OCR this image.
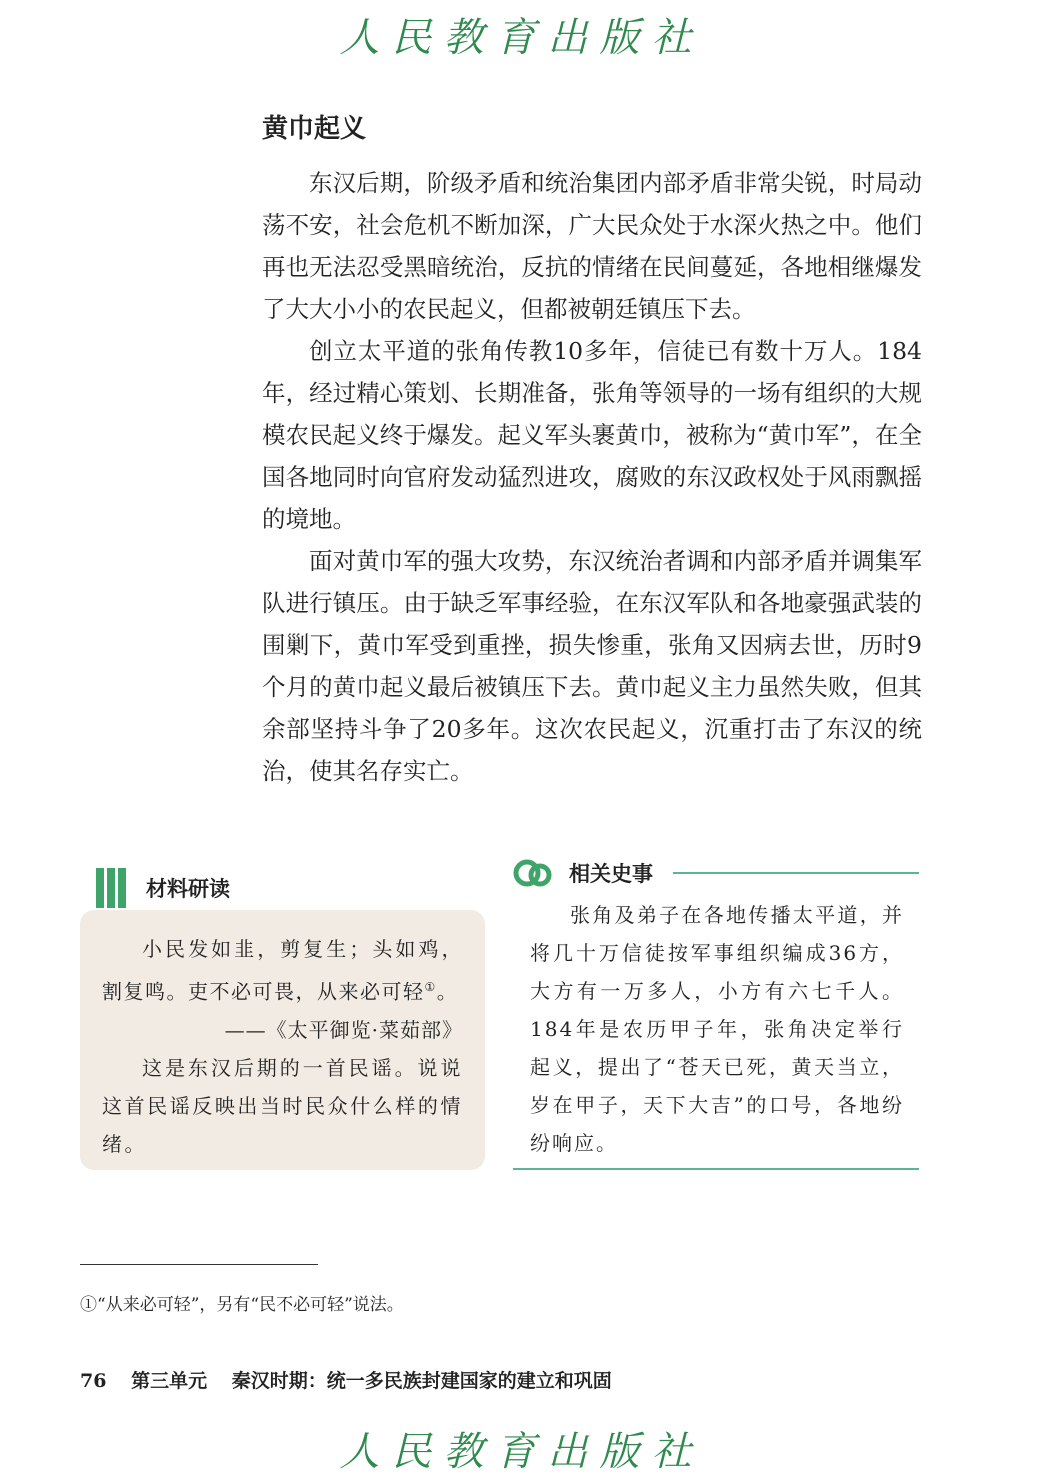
人民教育出版社
黄巾起义

东汉后期，阶级矛盾和统治集团内部矛盾非常尖锐，时局动荡不安，社会危机不断加深，广大民众处于水深火热之中。他们再也无法忍受黑暗统治，反抗的情绪在民间蔓延，各地相继爆发了大大小小的农民起义，但都被朝廷镇压下去。

创立太平道的张角传教10多年，信徒已有数十万人。184年，经过精心策划、长期准备，张角等领导的一场有组织的大规模农民起义终于爆发。起义军头裹黄巾，被称为“黄巾军”，在全国各地同时向官府发动猛烈进攻，腐败的东汉政权处于风雨飘摇的境地。

面对黄巾军的强大攻势，东汉统治者调和内部矛盾并调集军队进行镇压。由于缺乏军事经验，在东汉军队和各地豪强武装的围剿下，黄巾军受到重挫，损失惨重，张角又因病去世，历时9个月的黄巾起义最后被镇压下去。黄巾起义主力虽然失败，但其余部坚持斗争了20多年。这次农民起义，沉重打击了东汉的统治，使其名存实亡。

材料研读

小民发如韭，剪复生；头如鸡，割复鸣。吏不必可畏，从来必可轻①。

——《太平御览·菜茹部》

这是东汉后期的一首民谣。说说这首民谣反映出当时民众什么样的情绪。

相关史事

张角及弟子在各地传播太平道，并将几十万信徒按军事组织编成36方，大方有一万多人，小方有六七千人。184年是农历甲子年，张角决定举行起义，提出了“苍天已死，黄天当立，岁在甲子，天下大吉”的口号，各地纷纷响应。

①“从来必可轻”，另有“民不必可轻”说法。

76 第三单元 秦汉时期：统一多民族封建国家的建立和巩固
人民教育出版社
